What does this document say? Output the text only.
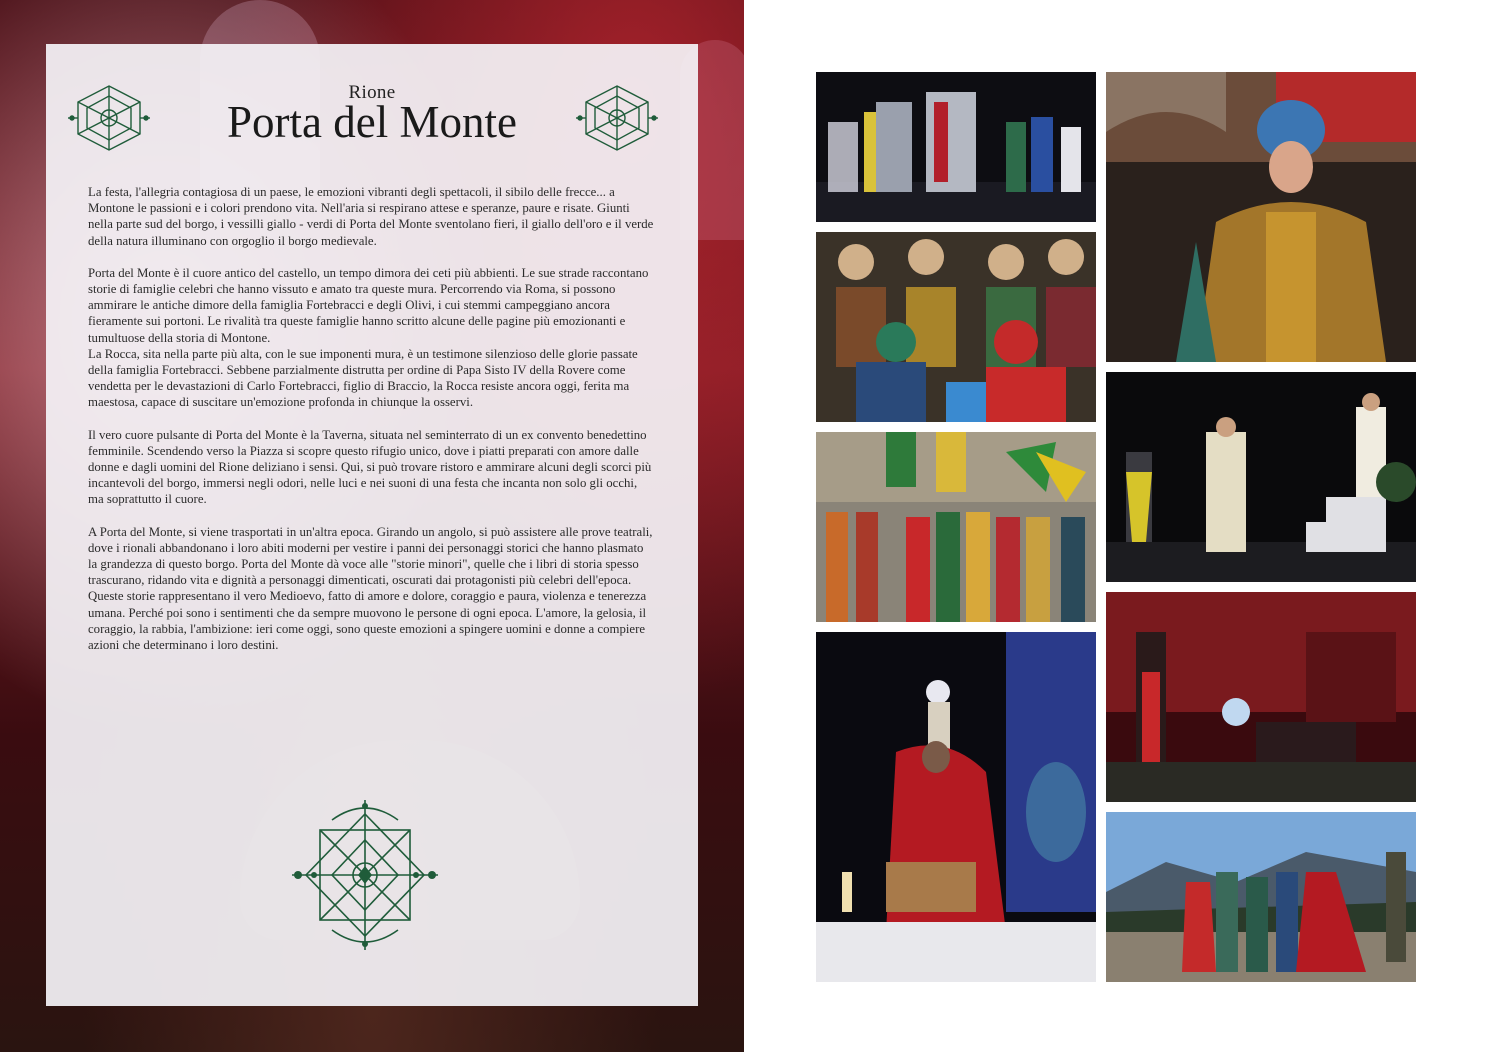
Rione
Porta del Monte

La festa, l'allegria contagiosa di un paese, le emozioni vibranti degli spettacoli, il sibilo delle frecce... a Montone le passioni e i colori prendono vita. Nell'aria si respirano attese e speranze, paure e risate. Giunti nella parte sud del borgo, i vessilli giallo - verdi di Porta del Monte sventolano fieri, il giallo dell'oro e il verde della natura illuminano con orgoglio il borgo medievale.

Porta del Monte è il cuore antico del castello, un tempo dimora dei ceti più abbienti. Le sue strade raccontano storie di famiglie celebri che hanno vissuto e amato tra queste mura. Percorrendo via Roma, si possono ammirare le antiche dimore della famiglia Fortebracci e degli Olivi, i cui stemmi campeggiano ancora fieramente sui portoni. Le rivalità tra queste famiglie hanno scritto alcune delle pagine più emozionanti e tumultuose della storia di Montone.

La Rocca, sita nella parte più alta, con le sue imponenti mura, è un testimone silenzioso delle glorie passate della famiglia Fortebracci. Sebbene parzialmente distrutta per ordine di Papa Sisto IV della Rovere come vendetta per le devastazioni di Carlo Fortebracci, figlio di Braccio, la Rocca resiste ancora oggi, ferita ma maestosa, capace di suscitare un'emozione profonda in chiunque la osservi.

Il vero cuore pulsante di Porta del Monte è la Taverna, situata nel seminterrato di un ex convento benedettino femminile. Scendendo verso la Piazza si scopre questo rifugio unico, dove i piatti preparati con amore dalle donne e dagli uomini del Rione deliziano i sensi. Qui, si può trovare ristoro e ammirare alcuni degli scorci più incantevoli del borgo, immersi negli odori, nelle luci e nei suoni di una festa che incanta non solo gli occhi, ma soprattutto il cuore.

A Porta del Monte, si viene trasportati in un'altra epoca. Girando un angolo, si può assistere alle prove teatrali, dove i rionali abbandonano i loro abiti moderni per vestire i panni dei personaggi storici che hanno plasmato la grandezza di questo borgo. Porta del Monte dà voce alle "storie minori", quelle che i libri di storia spesso trascurano, ridando vita e dignità a personaggi dimenticati, oscurati dai protagonisti più celebri dell'epoca. Queste storie rappresentano il vero Medioevo, fatto di amore e dolore, coraggio e paura, violenza e tenerezza umana. Perché poi sono i sentimenti che da sempre muovono le persone di ogni epoca. L'amore, la gelosia, il coraggio, la rabbia, l'ambizione: ieri come oggi, sono queste emozioni a spingere uomini e donne a compiere azioni che determinano i loro destini.
